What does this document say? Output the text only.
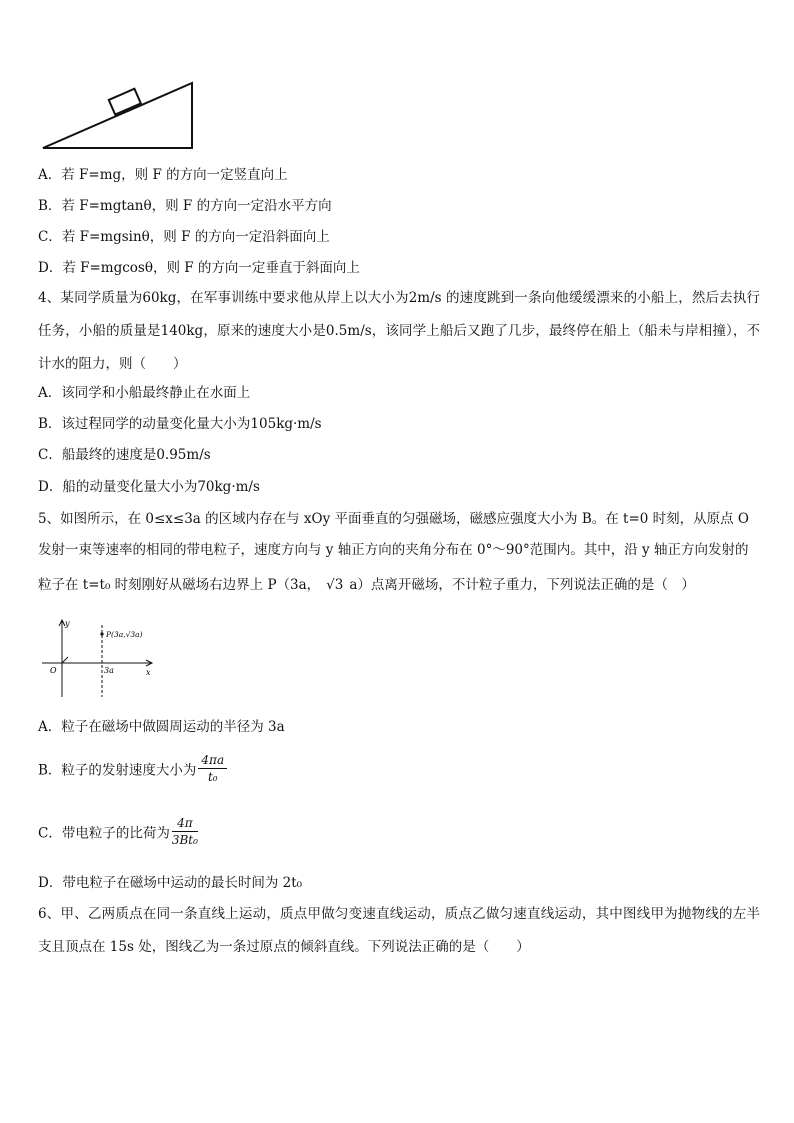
A．若 F=mg，则 F 的方向一定竖直向上
B．若 F=mgtanθ，则 F 的方向一定沿水平方向
C．若 F=mgsinθ，则 F 的方向一定沿斜面向上
D．若 F=mgcosθ，则 F 的方向一定垂直于斜面向上
4、某同学质量为60kg，在军事训练中要求他从岸上以大小为2m/s 的速度跳到一条向他缓缓漂来的小船上，然后去执行任务，小船的质量是140kg，原来的速度大小是0.5m/s，该同学上船后又跑了几步，最终停在船上（船未与岸相撞），不计水的阻力，则（　　）
A．该同学和小船最终静止在水面上
B．该过程同学的动量变化量大小为105kg·m/s
C．船最终的速度是0.95m/s
D．船的动量变化量大小为70kg·m/s
5、如图所示，在 0≤x≤3a 的区域内存在与 xOy 平面垂直的匀强磁场，磁感应强度大小为 B。在 t=0 时刻，从原点 O
发射一束等速率的相同的带电粒子，速度方向与 y 轴正方向的夹角分布在 0°～90°范围内。其中，沿 y 轴正方向发射的
粒子在 t=t₀ 时刻刚好从磁场右边界上 P（3a， √3 a）点离开磁场，不计粒子重力，下列说法正确的是（　）
y
x
O	3a
P(3a,√3a)
A．粒子在磁场中做圆周运动的半径为 3a
B．粒子的发射速度大小为 $\frac{4\pi a}{\text{t₀}}$
C．带电粒子的比荷为 $\frac{4\pi}{\text{3Bt₀}}$
D．带电粒子在磁场中运动的最长时间为 2t₀
6、甲、乙两质点在同一条直线上运动，质点甲做匀变速直线运动，质点乙做匀速直线运动，其中图线甲为抛物线的左半支且顶点在 15s 处，图线乙为一条过原点的倾斜直线。下列说法正确的是（　　）
